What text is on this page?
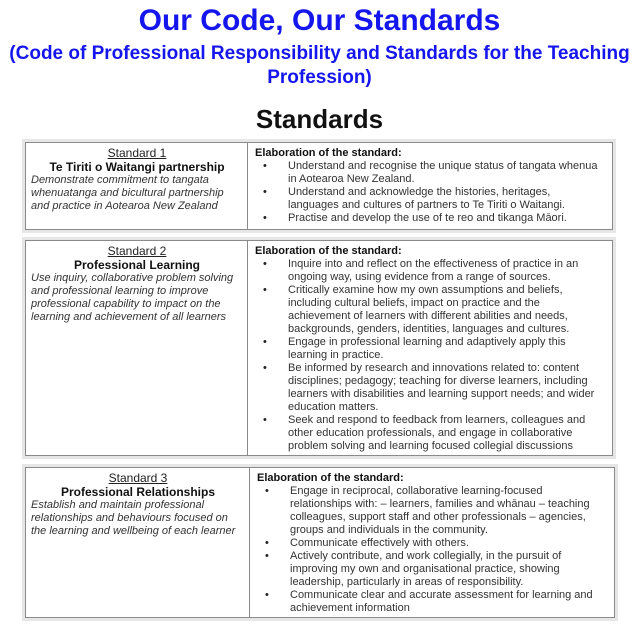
Our Code, Our Standards
(Code of Professional Responsibility and Standards for the Teaching Profession)
Standards
Standard 1
Te Tiriti o Waitangi partnership
Demonstrate commitment to tangata whenuatanga and bicultural partnership and practice in Aotearoa New Zealand
Elaboration of the standard:
• Understand and recognise the unique status of tangata whenua in Aotearoa New Zealand.
• Understand and acknowledge the histories, heritages, languages and cultures of partners to Te Tiriti o Waitangi.
• Practise and develop the use of te reo and tikanga Māori.
Standard 2
Professional Learning
Use inquiry, collaborative problem solving and professional learning to improve professional capability to impact on the learning and achievement of all learners
Elaboration of the standard:
• Inquire into and reflect on the effectiveness of practice in an ongoing way, using evidence from a range of sources.
• Critically examine how my own assumptions and beliefs, including cultural beliefs, impact on practice and the achievement of learners with different abilities and needs, backgrounds, genders, identities, languages and cultures.
• Engage in professional learning and adaptively apply this learning in practice.
• Be informed by research and innovations related to: content disciplines; pedagogy; teaching for diverse learners, including learners with disabilities and learning support needs; and wider education matters.
• Seek and respond to feedback from learners, colleagues and other education professionals, and engage in collaborative problem solving and learning focused collegial discussions
Standard 3
Professional Relationships
Establish and maintain professional relationships and behaviours focused on the learning and wellbeing of each learner
Elaboration of the standard:
• Engage in reciprocal, collaborative learning-focused relationships with: – learners, families and whānau – teaching colleagues, support staff and other professionals – agencies, groups and individuals in the community.
• Communicate effectively with others.
• Actively contribute, and work collegially, in the pursuit of improving my own and organisational practice, showing leadership, particularly in areas of responsibility.
• Communicate clear and accurate assessment for learning and achievement information
